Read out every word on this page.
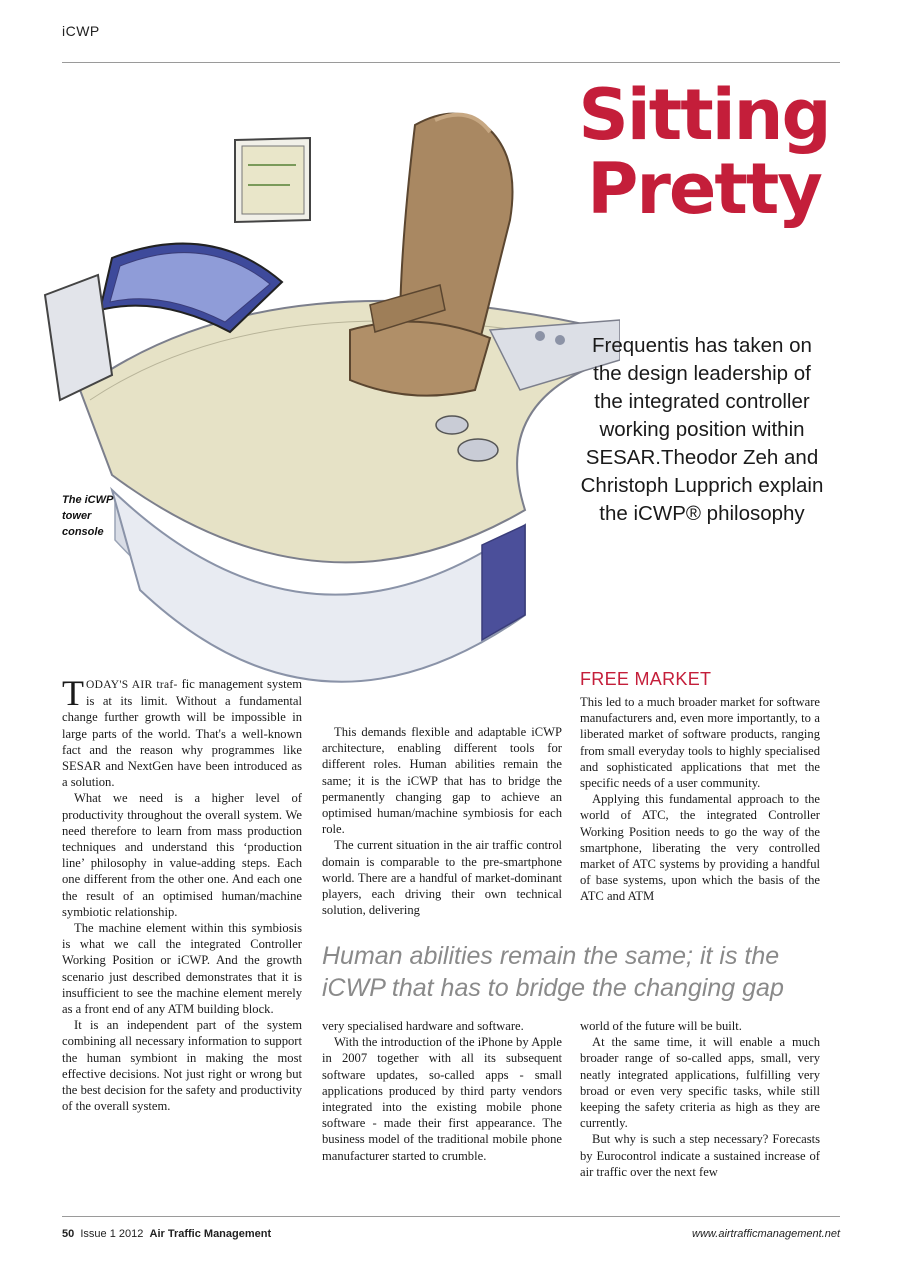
iCWP
Sitting
Pretty
Frequentis has taken on the design leadership of the integrated controller working position within SESAR.Theodor Zeh and Christoph Lupprich explain the iCWP® philosophy
The iCWP tower console

TODAY'S AIR traf- fic management system is at its limit. Without a fundamental change further growth will be impossible in large parts of the world. That's a well-known fact and the reason why programmes like SESAR and NextGen have been introduced as a solution.

What we need is a higher level of productivity throughout the overall system. We need therefore to learn from mass production techniques and understand this ‘production line’ philosophy in value-adding steps. Each one different from the other one. And each one the result of an optimised human/machine symbiotic relationship.

The machine element within this symbiosis is what we call the integrated Controller Working Position or iCWP. And the growth scenario just described demonstrates that it is insufficient to see the machine element merely as a front end of any ATM building block.

It is an independent part of the system combining all necessary information to support the human symbiont in making the most effective decisions. Not just right or wrong but the best decision for the safety and productivity of the overall system.

This demands flexible and adaptable iCWP architecture, enabling different tools for different roles. Human abilities remain the same; it is the iCWP that has to bridge the permanently changing gap to achieve an optimised human/machine symbiosis for each role.

The current situation in the air traffic control domain is comparable to the pre-smartphone world. There are a handful of market-dominant players, each driving their own technical solution, delivering

Human abilities remain the same; it is the iCWP that has to bridge the changing gap

very specialised hardware and software.

With the introduction of the iPhone by Apple in 2007 together with all its subsequent software updates, so-called apps - small applications produced by third party vendors integrated into the existing mobile phone software - made their first appearance. The business model of the traditional mobile phone manufacturer started to crumble.

FREE MARKET

This led to a much broader market for software manufacturers and, even more importantly, to a liberated market of software products, ranging from small everyday tools to highly specialised and sophisticated applications that met the specific needs of a user community.

Applying this fundamental approach to the world of ATC, the integrated Controller Working Position needs to go the way of the smartphone, liberating the very controlled market of ATC systems by providing a handful of base systems, upon which the basis of the ATC and ATM

world of the future will be built.

At the same time, it will enable a much broader range of so-called apps, small, very neatly integrated applications, fulfilling very broad or even very specific tasks, while still keeping the safety criteria as high as they are currently.

But why is such a step necessary? Forecasts by Eurocontrol indicate a sustained increase of air traffic over the next few

50 Issue 1 2012 Air Traffic Management	www.airtrafficmanagement.net
